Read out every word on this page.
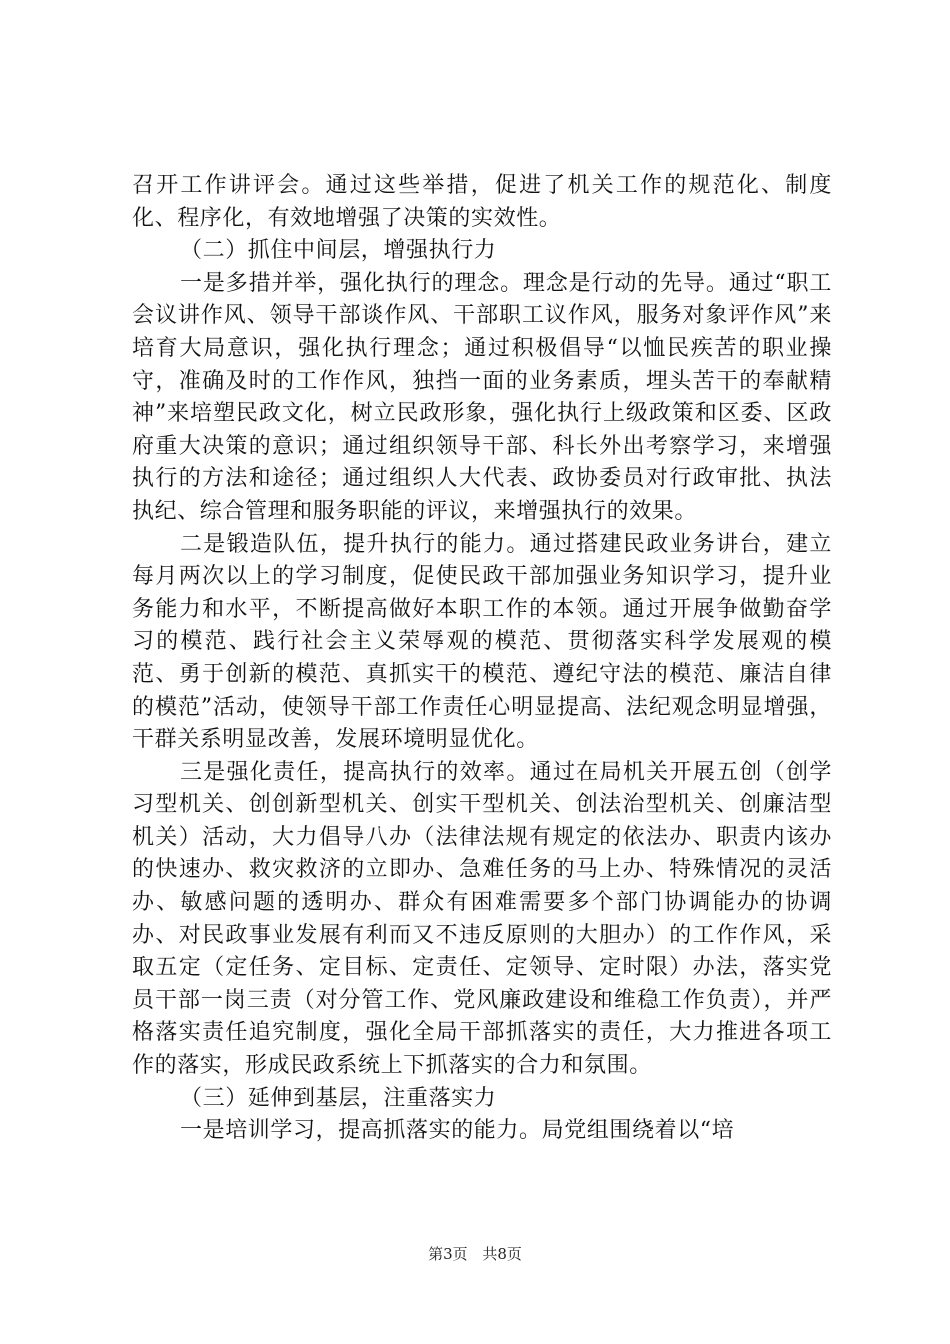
召开工作讲评会。通过这些举措，促进了机关工作的规范化、制度化、程序化，有效地增强了决策的实效性。

（二）抓住中间层，增强执行力

一是多措并举，强化执行的理念。理念是行动的先导。通过“职工会议讲作风、领导干部谈作风、干部职工议作风，服务对象评作风”来培育大局意识，强化执行理念；通过积极倡导“以恤民疾苦的职业操守，准确及时的工作作风，独挡一面的业务素质，埋头苦干的奉献精神”来培塑民政文化，树立民政形象，强化执行上级政策和区委、区政府重大决策的意识；通过组织领导干部、科长外出考察学习，来增强执行的方法和途径；通过组织人大代表、政协委员对行政审批、执法执纪、综合管理和服务职能的评议，来增强执行的效果。

二是锻造队伍，提升执行的能力。通过搭建民政业务讲台，建立每月两次以上的学习制度，促使民政干部加强业务知识学习，提升业务能力和水平，不断提高做好本职工作的本领。通过开展争做勤奋学习的模范、践行社会主义荣辱观的模范、贯彻落实科学发展观的模范、勇于创新的模范、真抓实干的模范、遵纪守法的模范、廉洁自律的模范”活动，使领导干部工作责任心明显提高、法纪观念明显增强，干群关系明显改善，发展环境明显优化。

三是强化责任，提高执行的效率。通过在局机关开展五创（创学习型机关、创创新型机关、创实干型机关、创法治型机关、创廉洁型机关）活动，大力倡导八办（法律法规有规定的依法办、职责内该办的快速办、救灾救济的立即办、急难任务的马上办、特殊情况的灵活办、敏感问题的透明办、群众有困难需要多个部门协调能办的协调办、对民政事业发展有利而又不违反原则的大胆办）的工作作风，采取五定（定任务、定目标、定责任、定领导、定时限）办法，落实党员干部一岗三责（对分管工作、党风廉政建设和维稳工作负责），并严格落实责任追究制度，强化全局干部抓落实的责任，大力推进各项工作的落实，形成民政系统上下抓落实的合力和氛围。

（三）延伸到基层，注重落实力

一是培训学习，提高抓落实的能力。局党组围绕着以“培

第3页 共8页
